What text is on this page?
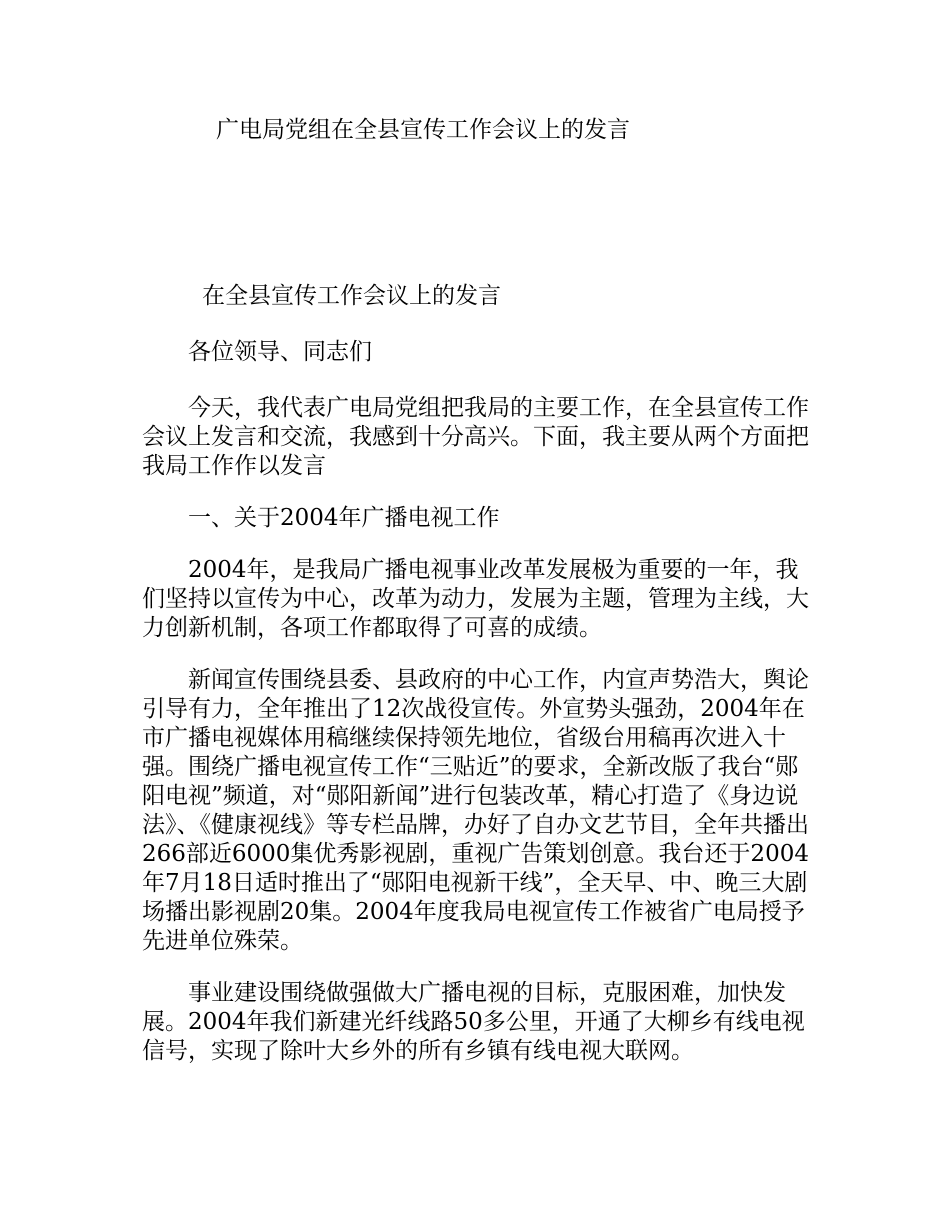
广电局党组在全县宣传工作会议上的发言

在全县宣传工作会议上的发言

各位领导、同志们

今天，我代表广电局党组把我局的主要工作，在全县宣传工作会议上发言和交流，我感到十分高兴。下面，我主要从两个方面把我局工作作以发言

一、关于2004年广播电视工作

2004年，是我局广播电视事业改革发展极为重要的一年，我们坚持以宣传为中心，改革为动力，发展为主题，管理为主线，大力创新机制，各项工作都取得了可喜的成绩。

新闻宣传围绕县委、县政府的中心工作，内宣声势浩大，舆论引导有力，全年推出了12次战役宣传。外宣势头强劲，2004年在市广播电视媒体用稿继续保持领先地位，省级台用稿再次进入十强。围绕广播电视宣传工作“三贴近”的要求，全新改版了我台“郧阳电视”频道，对“郧阳新闻”进行包装改革，精心打造了《身边说法》、《健康视线》等专栏品牌，办好了自办文艺节目，全年共播出266部近6000集优秀影视剧，重视广告策划创意。我台还于2004年7月18日适时推出了“郧阳电视新干线”，全天早、中、晚三大剧场播出影视剧20集。2004年度我局电视宣传工作被省广电局授予先进单位殊荣。

事业建设围绕做强做大广播电视的目标，克服困难，加快发展。2004年我们新建光纤线路50多公里，开通了大柳乡有线电视信号，实现了除叶大乡外的所有乡镇有线电视大联网。
